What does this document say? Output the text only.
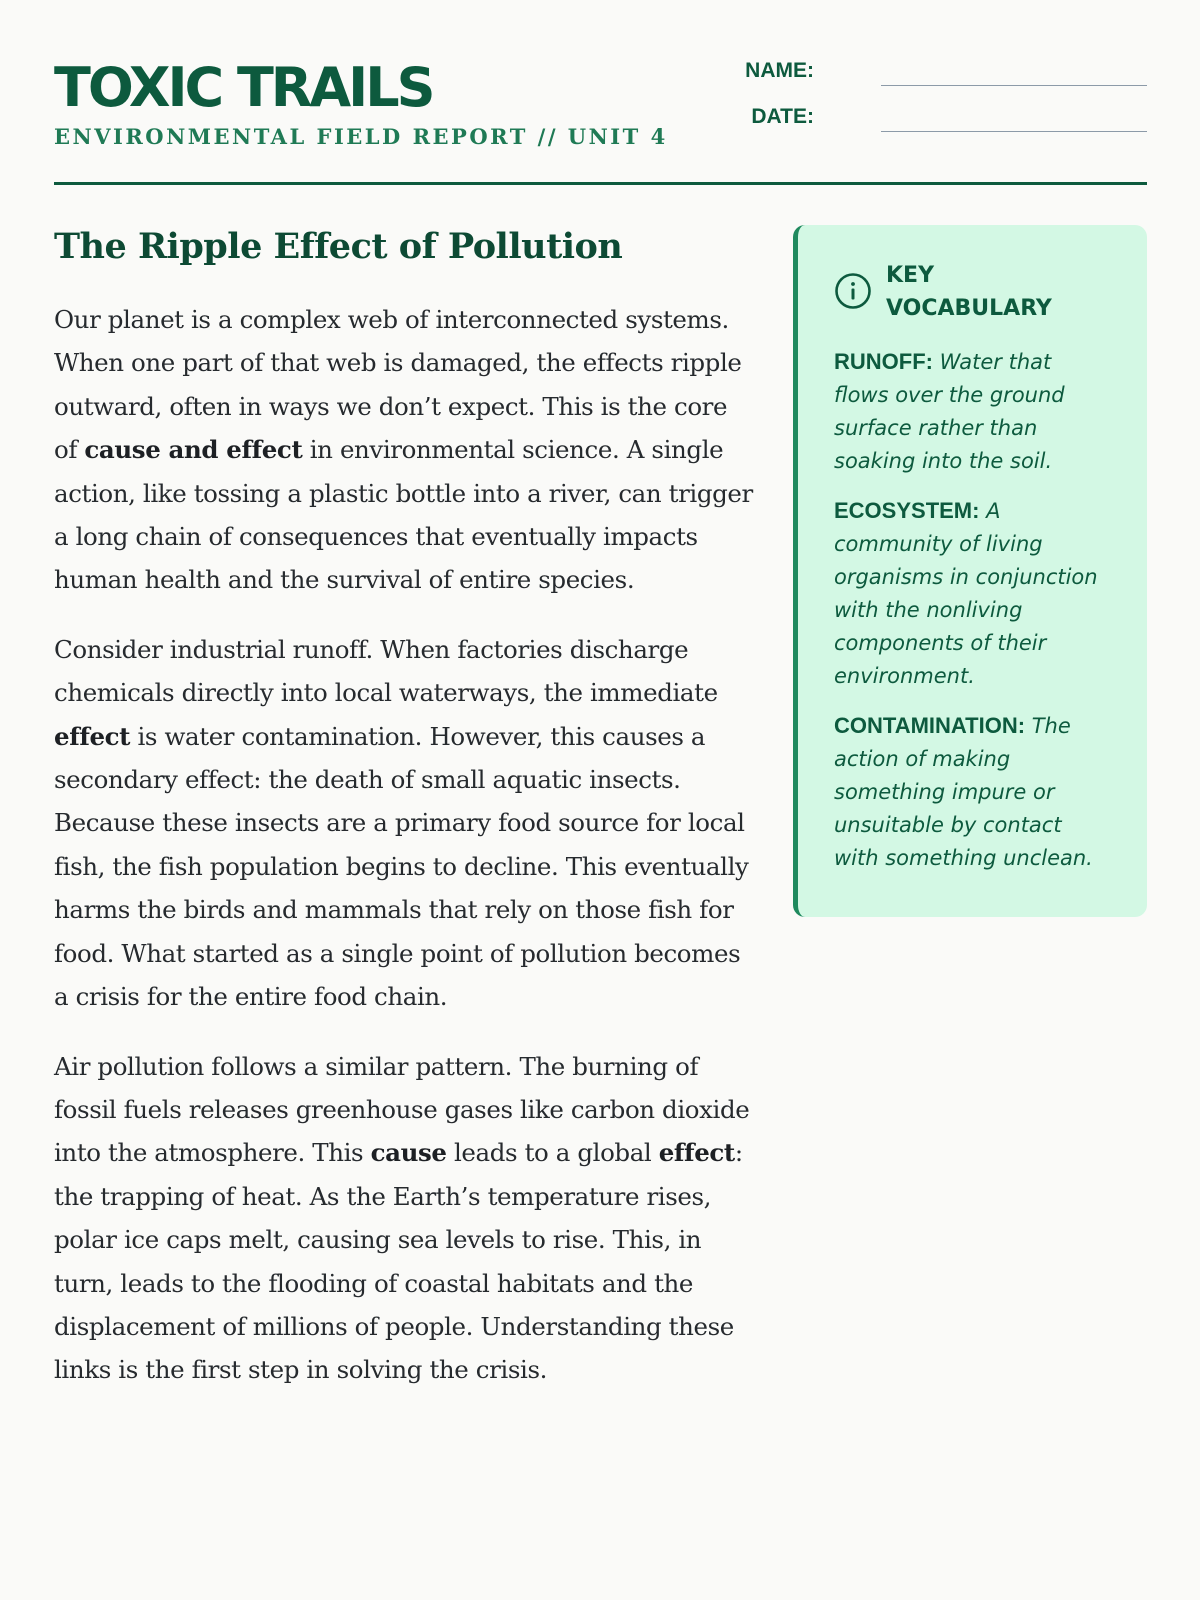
TOXIC TRAILS
ENVIRONMENTAL FIELD REPORT // UNIT 4
NAME:
DATE:
The Ripple Effect of Pollution

Our planet is a complex web of interconnected systems. When one part of that web is damaged, the effects ripple outward, often in ways we don’t expect. This is the core of cause and effect in environmental science. A single action, like tossing a plastic bottle into a river, can trigger a long chain of consequences that eventually impacts human health and the survival of entire species.

Consider industrial runoff. When factories discharge chemicals directly into local waterways, the immediate effect is water contamination. However, this causes a secondary effect: the death of small aquatic insects. Because these insects are a primary food source for local fish, the fish population begins to decline. This eventually harms the birds and mammals that rely on those fish for food. What started as a single point of pollution becomes a crisis for the entire food chain.

Air pollution follows a similar pattern. The burning of fossil fuels releases greenhouse gases like carbon dioxide into the atmosphere. This cause leads to a global effect: the trapping of heat. As the Earth’s temperature rises, polar ice caps melt, causing sea levels to rise. This, in turn, leads to the flooding of coastal habitats and the displacement of millions of people. Understanding these links is the first step in solving the crisis.

KEY VOCABULARY

RUNOFF: Water that flows over the ground surface rather than soaking into the soil.

ECOSYSTEM: A community of living organisms in conjunction with the nonliving components of their environment.

CONTAMINATION: The action of making something impure or unsuitable by contact with something unclean.
